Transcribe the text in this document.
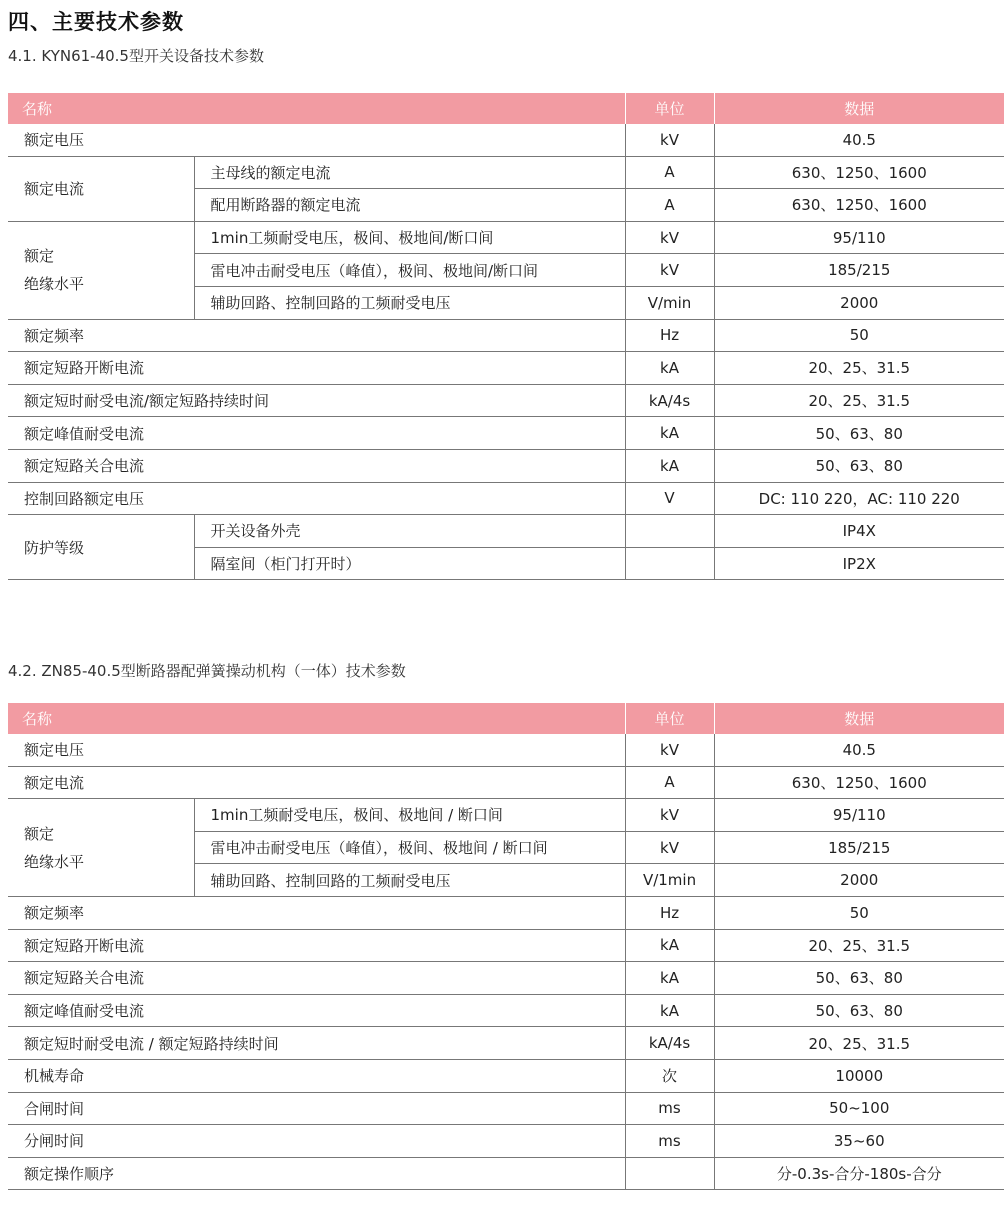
四、主要技术参数
4.1. KYN61-40.5型开关设备技术参数
名称		单位	数据
额定电压		kV	40.5
额定电流	主母线的额定电流	A	630、1250、1600
	配用断路器的额定电流	A	630、1250、1600

额定
绝缘水平	1min工频耐受电压，极间、极地间/断口间	kV	95/110
	雷电冲击耐受电压（峰值），极间、极地间/断口间	kV	185/215
	辅助回路、控制回路的工频耐受电压	V/min	2000
额定频率		Hz	50
额定短路开断电流		kA	20、25、31.5
额定短时耐受电流/额定短路持续时间		kA/4s	20、25、31.5
额定峰值耐受电流		kA	50、63、80
额定短路关合电流		kA	50、63、80
控制回路额定电压		V	DC: 110 220，AC: 110 220
防护等级	开关设备外壳		IP4X
	隔室间（柜门打开时）		IP2X
4.2. ZN85-40.5型断路器配弹簧操动机构（一体）技术参数
名称		单位	数据
额定电压		kV	40.5
额定电流		A	630、1250、1600

额定
绝缘水平	1min工频耐受电压，极间、极地间 / 断口间	kV	95/110
	雷电冲击耐受电压（峰值），极间、极地间 / 断口间	kV	185/215
	辅助回路、控制回路的工频耐受电压	V/1min	2000
额定频率		Hz	50
额定短路开断电流		kA	20、25、31.5
额定短路关合电流		kA	50、63、80
额定峰值耐受电流		kA	50、63、80
额定短时耐受电流 / 额定短路持续时间		kA/4s	20、25、31.5
机械寿命		次	10000
合闸时间		ms	50~100
分闸时间		ms	35~60
额定操作顺序			分-0.3s-合分-180s-合分
